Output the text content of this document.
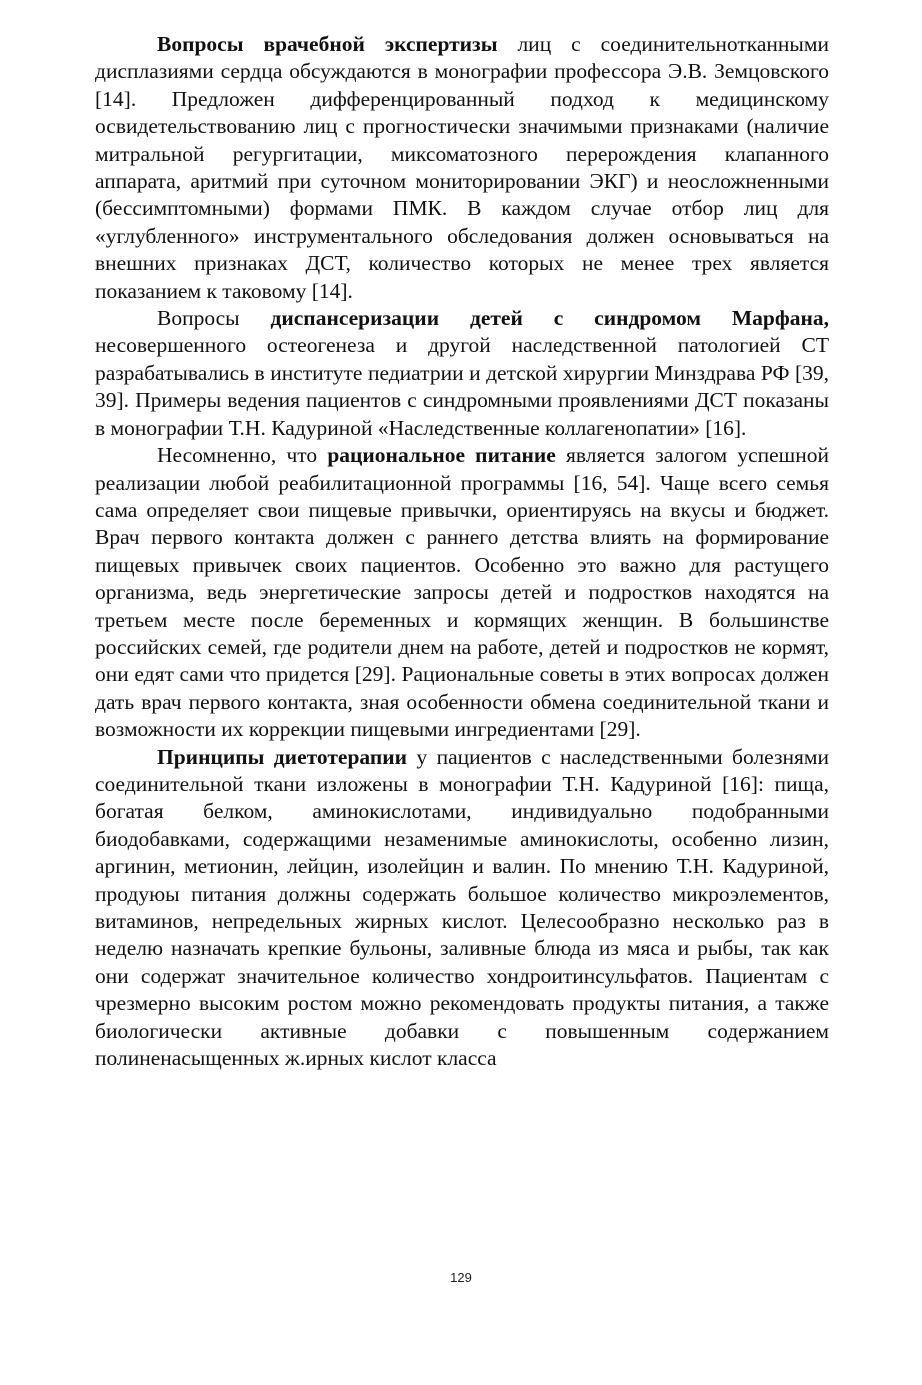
Вопросы врачебной экспертизы лиц с соединительнотканными дисплазиями сердца обсуждаются в монографии профессора Э.В. Земцовского [14]. Предложен дифференцированный подход к медицинскому освидетельствованию лиц с прогностически значимыми признаками (наличие митральной регургитации, миксоматозного перерождения клапанного аппарата, аритмий при суточном мониторировании ЭКГ) и неосложненными (бессимптомными) формами ПМК. В каждом случае отбор лиц для «углубленного» инструментального обследования должен основываться на внешних признаках ДСТ, количество которых не менее трех является показанием к таковому [14].

Вопросы диспансеризации детей с синдромом Марфана, несовершенного остеогенеза и другой наследственной патологией СТ разрабатывались в институте педиатрии и детской хирургии Минздрава РФ [39, 39]. Примеры ведения пациентов с синдромными проявлениями ДСТ показаны в монографии Т.Н. Кадуриной «Наследственные коллагенопатии» [16].

Несомненно, что рациональное питание является залогом успешной реализации любой реабилитационной программы [16, 54]. Чаще всего семья сама определяет свои пищевые привычки, ориентируясь на вкусы и бюджет. Врач первого контакта должен с раннего детства влиять на формирование пищевых привычек своих пациентов. Особенно это важно для растущего организма, ведь энергетические запросы детей и подростков находятся на третьем месте после беременных и кормящих женщин. В большинстве российских семей, где родители днем на работе, детей и подростков не кормят, они едят сами что придется [29]. Рациональные советы в этих вопросах должен дать врач первого контакта, зная особенности обмена соединительной ткани и возможности их коррекции пищевыми ингредиентами [29].

Принципы диетотерапии у пациентов с наследственными болезнями соединительной ткани изложены в монографии Т.Н. Кадуриной [16]: пища, богатая белком, аминокислотами, индивидуально подобранными биодобавками, содержащими незаменимые аминокислоты, особенно лизин, аргинин, метионин, лейцин, изолейцин и валин. По мнению Т.Н. Кадуриной, продуюы питания должны содержать большое количество микроэлементов, витаминов, непредельных жирных кислот. Целесообразно несколько раз в неделю назначать крепкие бульоны, заливные блюда из мяса и рыбы, так как они содержат значительное количество хондроитинсульфатов. Пациентам с чрезмерно высоким ростом можно рекомендовать продукты питания, а также биологически активные добавки с повышенным содержанием полиненасыщенных ж.ирных кислот класса

129
